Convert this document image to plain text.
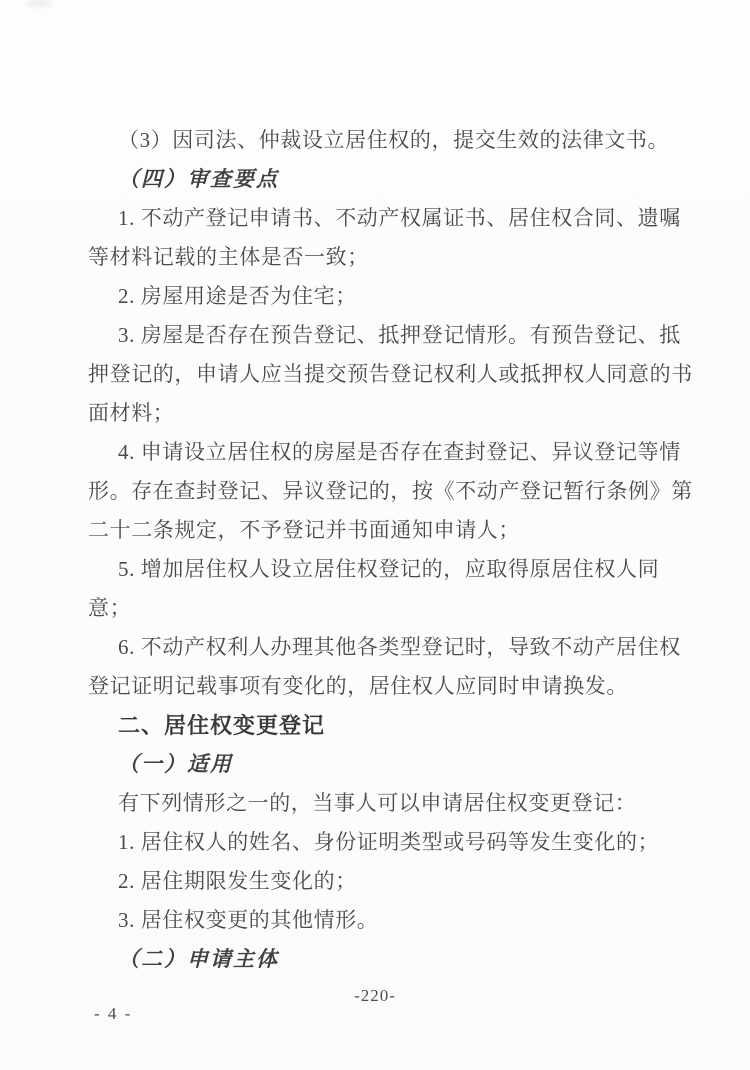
（3）因司法、仲裁设立居住权的，提交生效的法律文书。
（四）审查要点
1. 不动产登记申请书、不动产权属证书、居住权合同、遗嘱
等材料记载的主体是否一致；
2. 房屋用途是否为住宅；
3. 房屋是否存在预告登记、抵押登记情形。有预告登记、抵
押登记的，申请人应当提交预告登记权利人或抵押权人同意的书
面材料；
4. 申请设立居住权的房屋是否存在查封登记、异议登记等情
形。存在查封登记、异议登记的，按《不动产登记暂行条例》第
二十二条规定，不予登记并书面通知申请人；
5. 增加居住权人设立居住权登记的，应取得原居住权人同
意；
6. 不动产权利人办理其他各类型登记时，导致不动产居住权
登记证明记载事项有变化的，居住权人应同时申请换发。
二、居住权变更登记
（一）适用
有下列情形之一的，当事人可以申请居住权变更登记：
1. 居住权人的姓名、身份证明类型或号码等发生变化的；
2. 居住期限发生变化的；
3. 居住权变更的其他情形。
（二）申请主体
-220-
- 4 -
